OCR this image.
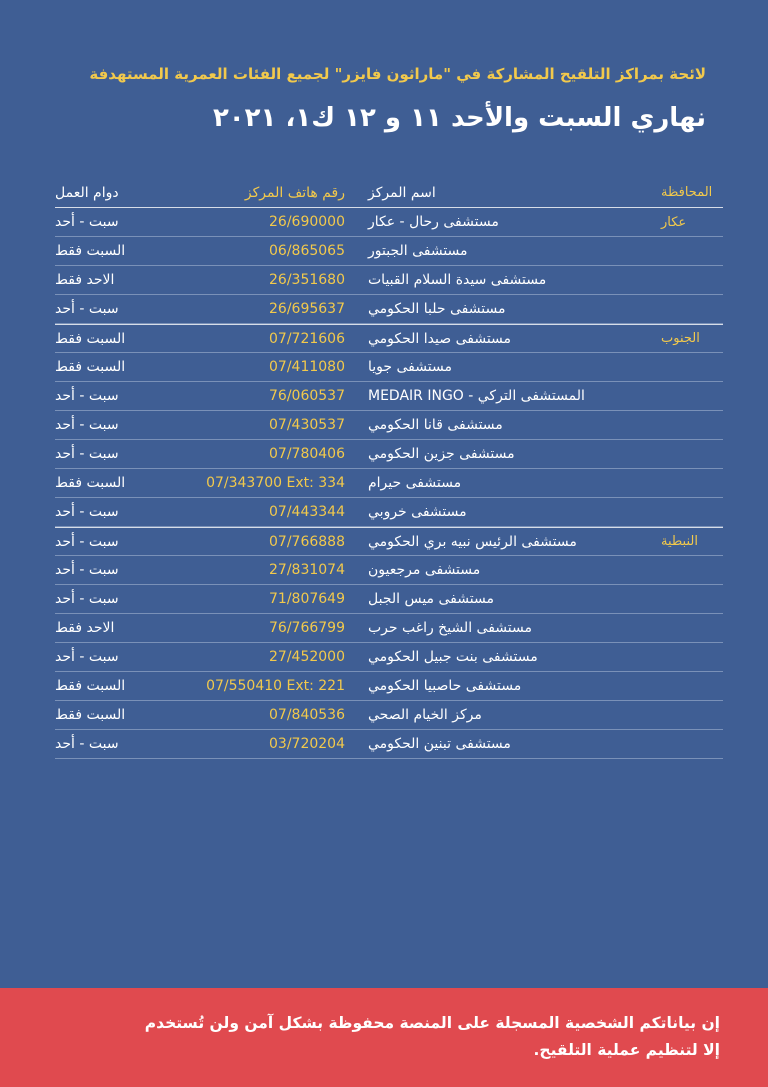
لائحة بمراكز التلقيح المشاركة في "ماراثون فايزر" لجميع الفئات العمرية المستهدفة
نهاري السبت والأحد ١١ و ١٢ ك١، ٢٠٢١
المحافظة
اسم المركز
رقم هاتف المركز
دوام العمل
عكار
مستشفى رحال - عكار
26/690000
سبت - أحد
مستشفى الجبتور
06/865065
السبت فقط
مستشفى سيدة السلام القبيات
26/351680
الاحد فقط
مستشفى حلبا الحكومي
26/695637
سبت - أحد
الجنوب
مستشفى صيدا الحكومي
07/721606
السبت فقط
مستشفى جويا
07/411080
السبت فقط
المستشفى التركي - MEDAIR INGO
76/060537
سبت - أحد
مستشفى قانا الحكومي
07/430537
سبت - أحد
مستشفى جزين الحكومي
07/780406
سبت - أحد
مستشفى حيرام
07/343700 Ext: 334
السبت فقط
مستشفى خروبي
07/443344
سبت - أحد
النبطية
مستشفى الرئيس نبيه بري الحكومي
07/766888
سبت - أحد
مستشفى مرجعيون
27/831074
سبت - أحد
مستشفى ميس الجبل
71/807649
سبت - أحد
مستشفى الشيخ راغب حرب
76/766799
الاحد فقط
مستشفى بنت جبيل الحكومي
27/452000
سبت - أحد
مستشفى حاصبيا الحكومي
07/550410 Ext: 221
السبت فقط
مركز الخيام الصحي
07/840536
السبت فقط
مستشفى تبنين الحكومي
03/720204
سبت - أحد
إن بياناتكم الشخصية المسجلة على المنصة محفوظة بشكل آمن ولن تُستخدم
إلا لتنظيم عملية التلقيح.
